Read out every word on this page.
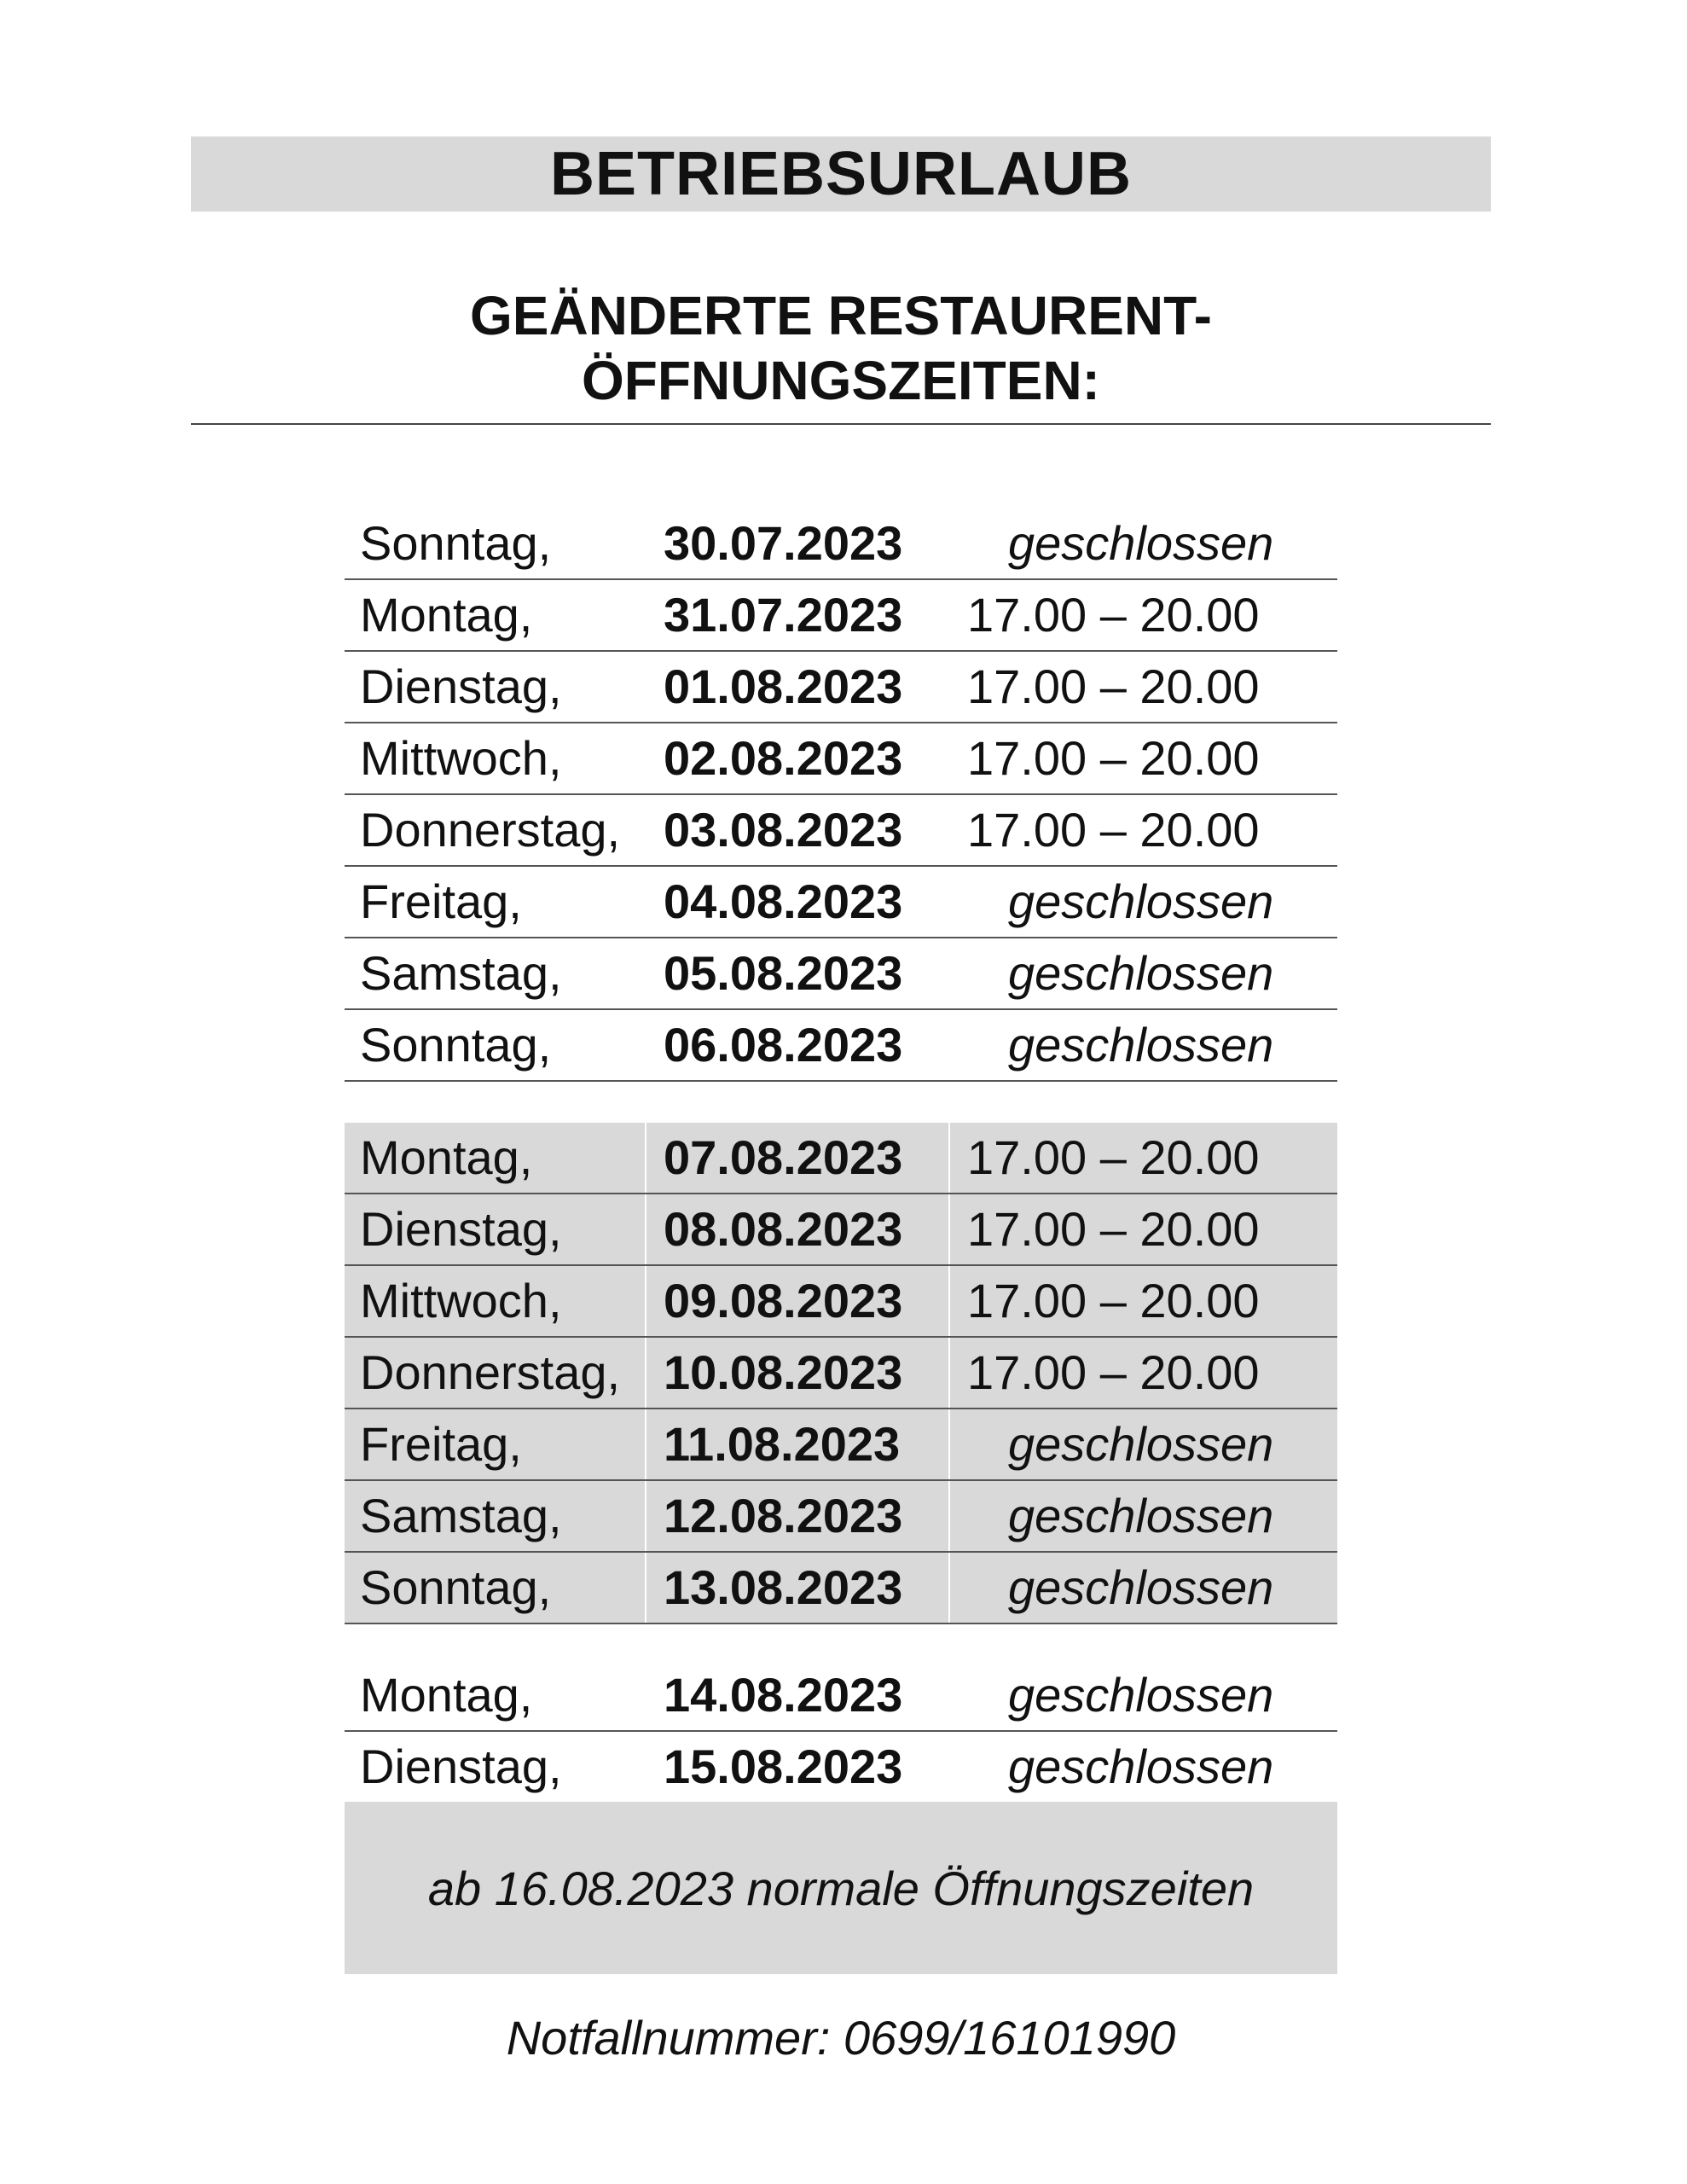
BETRIEBSURLAUB
GEÄNDERTE RESTAURENT-
ÖFFNUNGSZEITEN:
Sonntag, 30.07.2023 geschlossen
Montag,	31.07.2023 17.00 – 20.00
Dienstag, 01.08.2023 17.00 – 20.00
Mittwoch, 02.08.2023 17.00 – 20.00
Donnerstag, 03.08.2023 17.00 – 20.00
Freitag,	04.08.2023 geschlossen
Samstag, 05.08.2023 geschlossen
Sonntag, 06.08.2023 geschlossen
Montag,	07.08.2023 17.00 – 20.00
Dienstag, 08.08.2023 17.00 – 20.00
Mittwoch, 09.08.2023 17.00 – 20.00
Donnerstag, 10.08.2023 17.00 – 20.00
Freitag,	11.08.2023 geschlossen
Samstag, 12.08.2023 geschlossen
Sonntag, 13.08.2023 geschlossen
Montag,	14.08.2023 geschlossen
Dienstag, 15.08.2023 geschlossen
ab 16.08.2023 normale Öffnungszeiten
Notfallnummer: 0699/16101990
